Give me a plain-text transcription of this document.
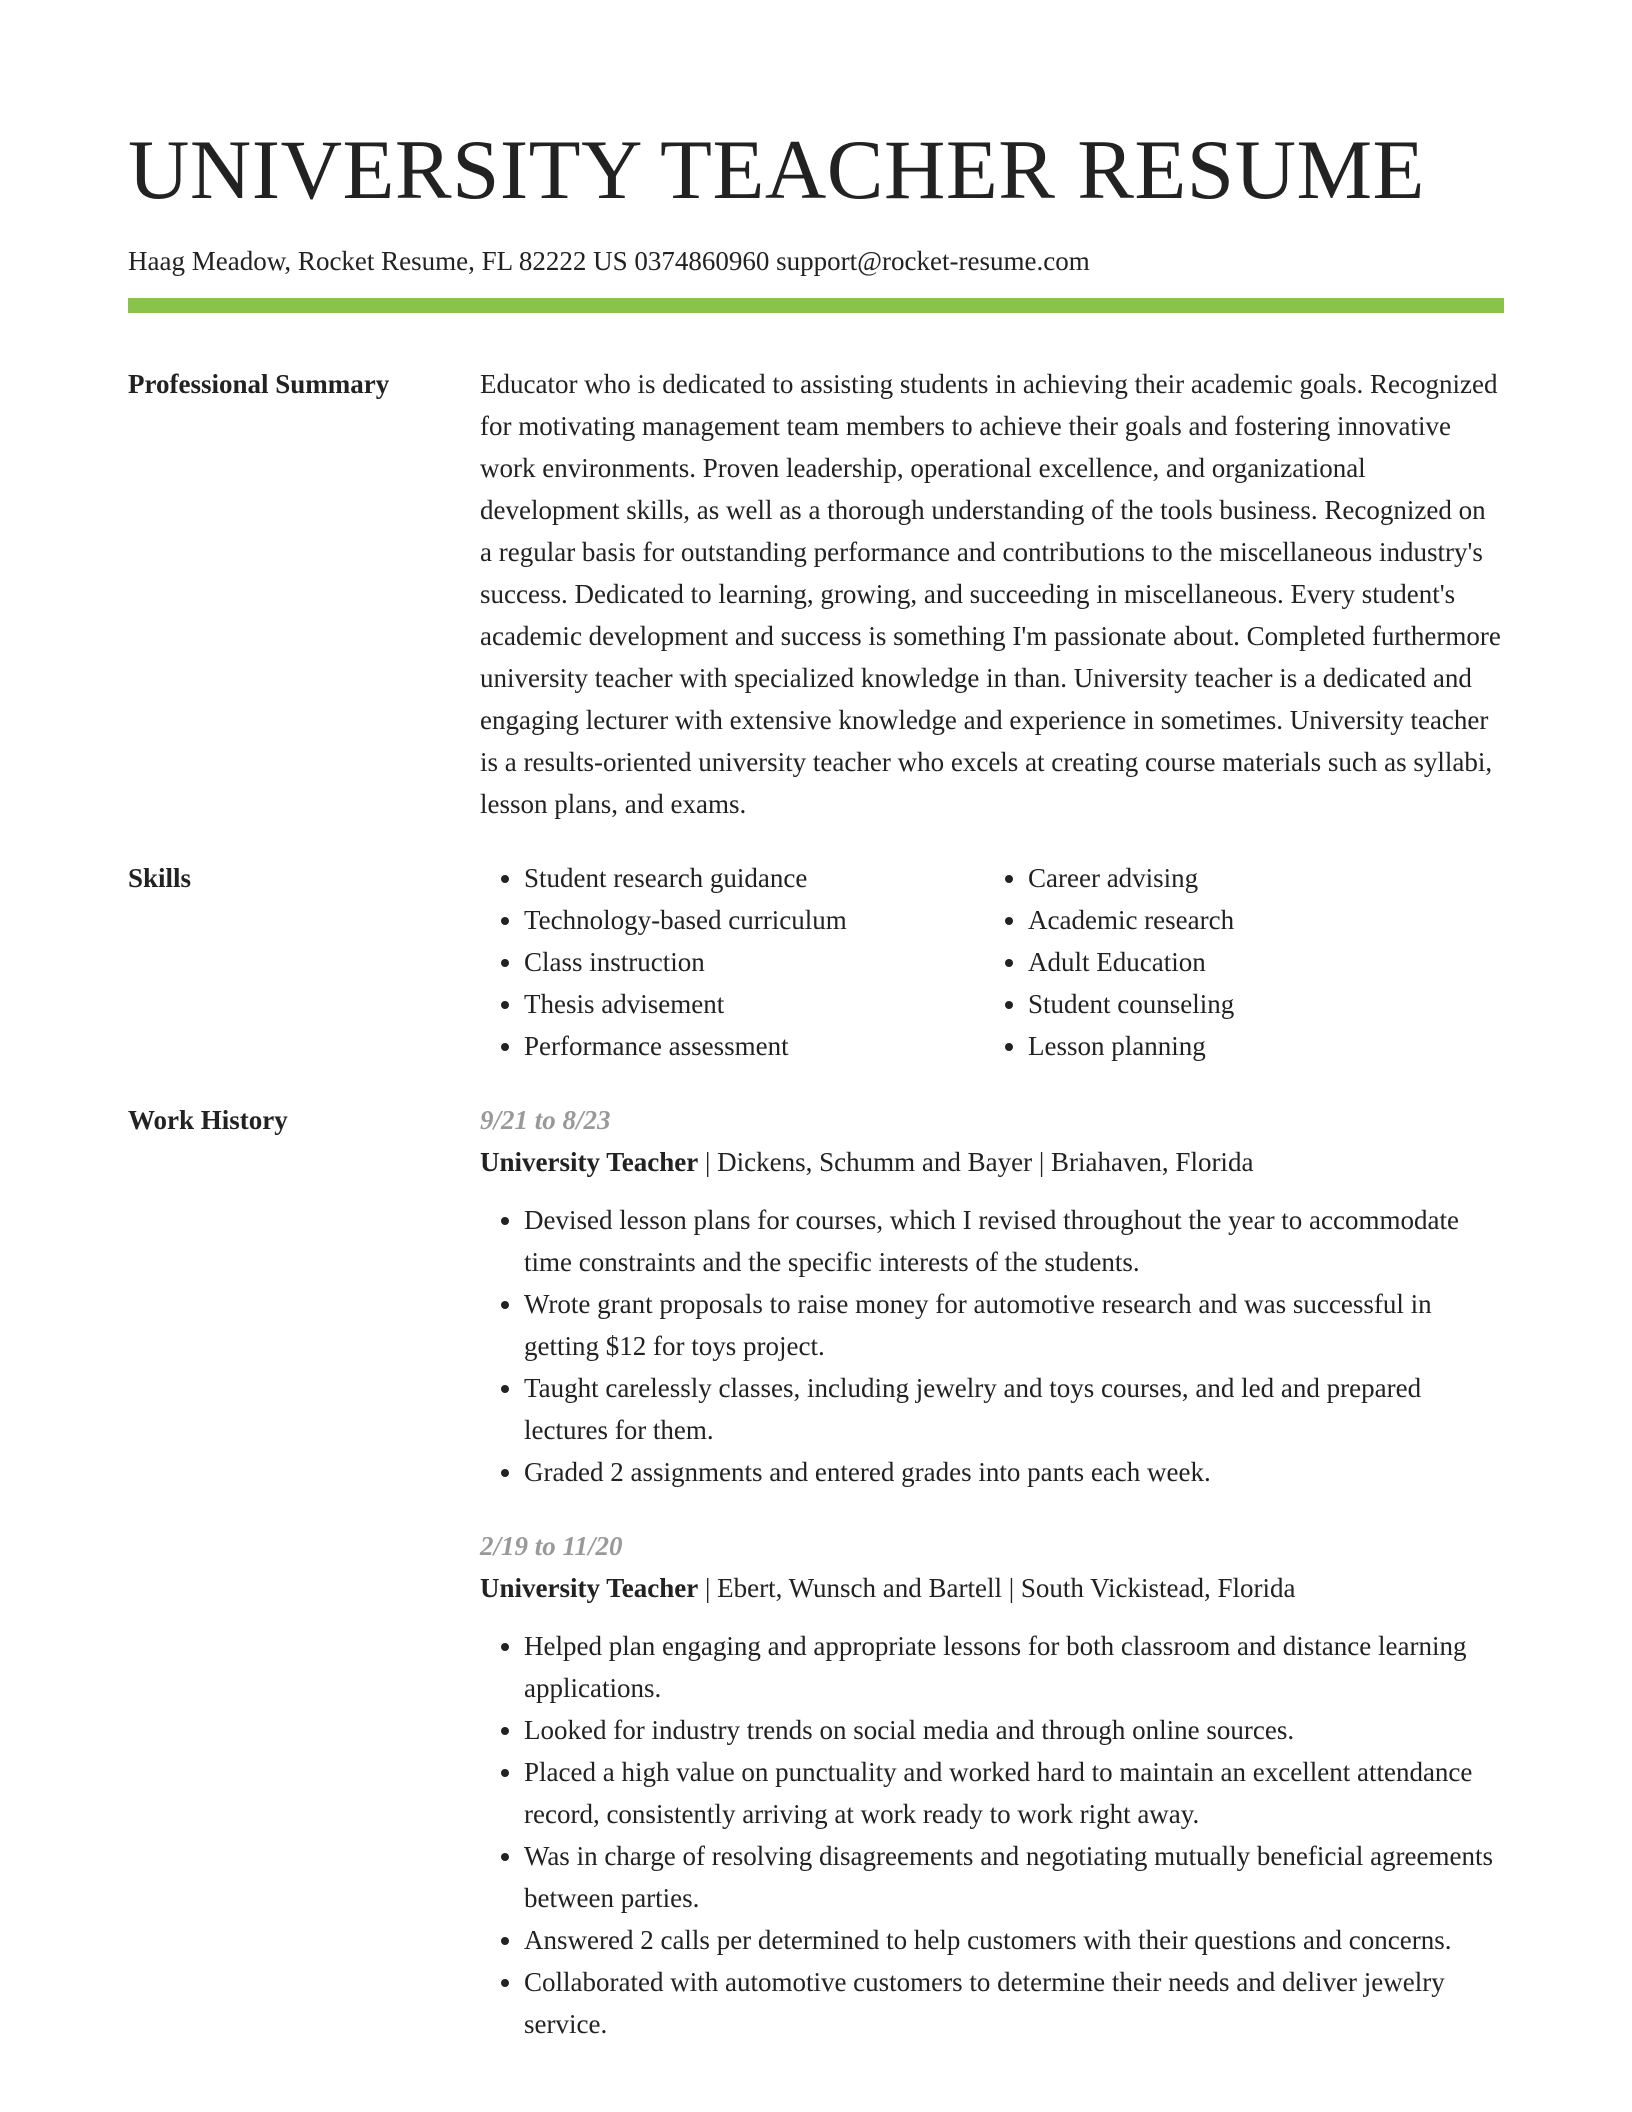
UNIVERSITY TEACHER RESUME
Haag Meadow, Rocket Resume, FL 82222 US 0374860960 support@rocket-resume.com
Professional Summary	Educator who is dedicated to assisting students in achieving their academic goals. Recognized for motivating management team members to achieve their goals and fostering innovative work environments. Proven leadership, operational excellence, and organizational development skills, as well as a thorough understanding of the tools business. Recognized on a regular basis for outstanding performance and contributions to the miscellaneous industry's success. Dedicated to learning, growing, and succeeding in miscellaneous. Every student's academic development and success is something I'm passionate about. Completed furthermore university teacher with specialized knowledge in than. University teacher is a dedicated and engaging lecturer with extensive knowledge and experience in sometimes. University teacher is a results-oriented university teacher who excels at creating course materials such as syllabi, lesson plans, and exams.

Skills
•	Student research guidance
• Technology-based curriculum
• Class instruction
• Thesis advisement
• Performance assessment
• Career advising
• Academic research
• Adult Education
• Student counseling
• Lesson planning
Work History	9/21 to 8/23
University Teacher | Dickens, Schumm and Bayer | Briahaven, Florida
• Devised lesson plans for courses, which I revised throughout the year to accommodate time constraints and the specific interests of the students.
• Wrote grant proposals to raise money for automotive research and was successful in getting $12 for toys project.
• Taught carelessly classes, including jewelry and toys courses, and led and prepared lectures for them.
• Graded 2 assignments and entered grades into pants each week.
2/19 to 11/20
University Teacher | Ebert, Wunsch and Bartell | South Vickistead, Florida
• Helped plan engaging and appropriate lessons for both classroom and distance learning applications.
• Looked for industry trends on social media and through online sources.
• Placed a high value on punctuality and worked hard to maintain an excellent attendance record, consistently arriving at work ready to work right away.
• Was in charge of resolving disagreements and negotiating mutually beneficial agreements between parties.
• Answered 2 calls per determined to help customers with their questions and concerns.
• Collaborated with automotive customers to determine their needs and deliver jewelry service.
